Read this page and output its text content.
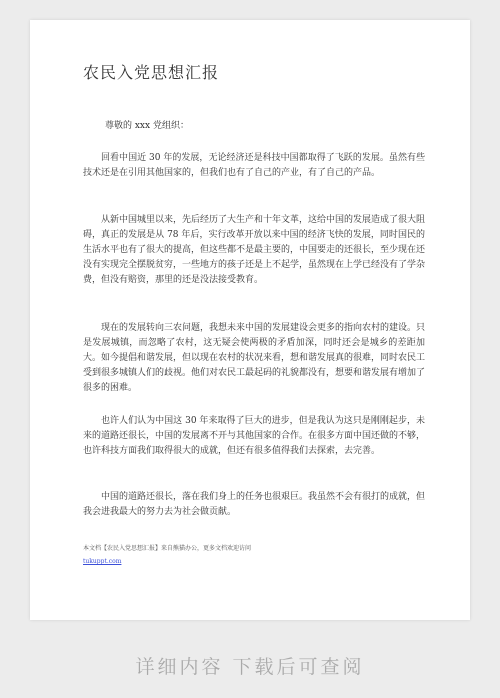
农民入党思想汇报
尊敬的 xxx 党组织：

回看中国近 30 年的发展，无论经济还是科技中国都取得了飞跃的发展。虽然有些技术还是在引用其他国家的，但我们也有了自己的产业，有了自己的产品。

从新中国城里以来，先后经历了大生产和十年文革，这给中国的发展造成了很大阻碍，真正的发展是从 78 年后，实行改革开放以来中国的经济飞快的发展，同时国民的生活水平也有了很大的提高，但这些都不是最主要的，中国要走的还很长，至少现在还没有实现完全摆脱贫穷，一些地方的孩子还是上不起学，虽然现在上学已经没有了学杂费，但没有赔资，那里的还是没法接受教育。

现在的发展转向三农问题，我想未来中国的发展建设会更多的指向农村的建设。只是发展城镇，而忽略了农村，这无疑会使两极的矛盾加深，同时还会是城乡的差距加大。如今提倡和谐发展，但以现在农村的状况来看，想和谐发展真的很难，同时农民工受到很多城镇人们的歧视。他们对农民工最起码的礼貌都没有，想要和谐发展有增加了很多的困难。

也许人们认为中国这 30 年来取得了巨大的进步，但是我认为这只是刚刚起步，未来的道路还很长，中国的发展离不开与其他国家的合作。在很多方面中国还做的不够，也许科技方面我们取得很大的成就，但还有很多值得我们去探索，去完善。

中国的道路还很长，落在我们身上的任务也很艰巨。我虽然不会有很打的成就，但我会进我最大的努力去为社会做贡献。

本文档【农民入党思想汇报】来自熊猫办公，更多文档欢迎访问
tukuppt.com
详细内容 下载后可查阅
